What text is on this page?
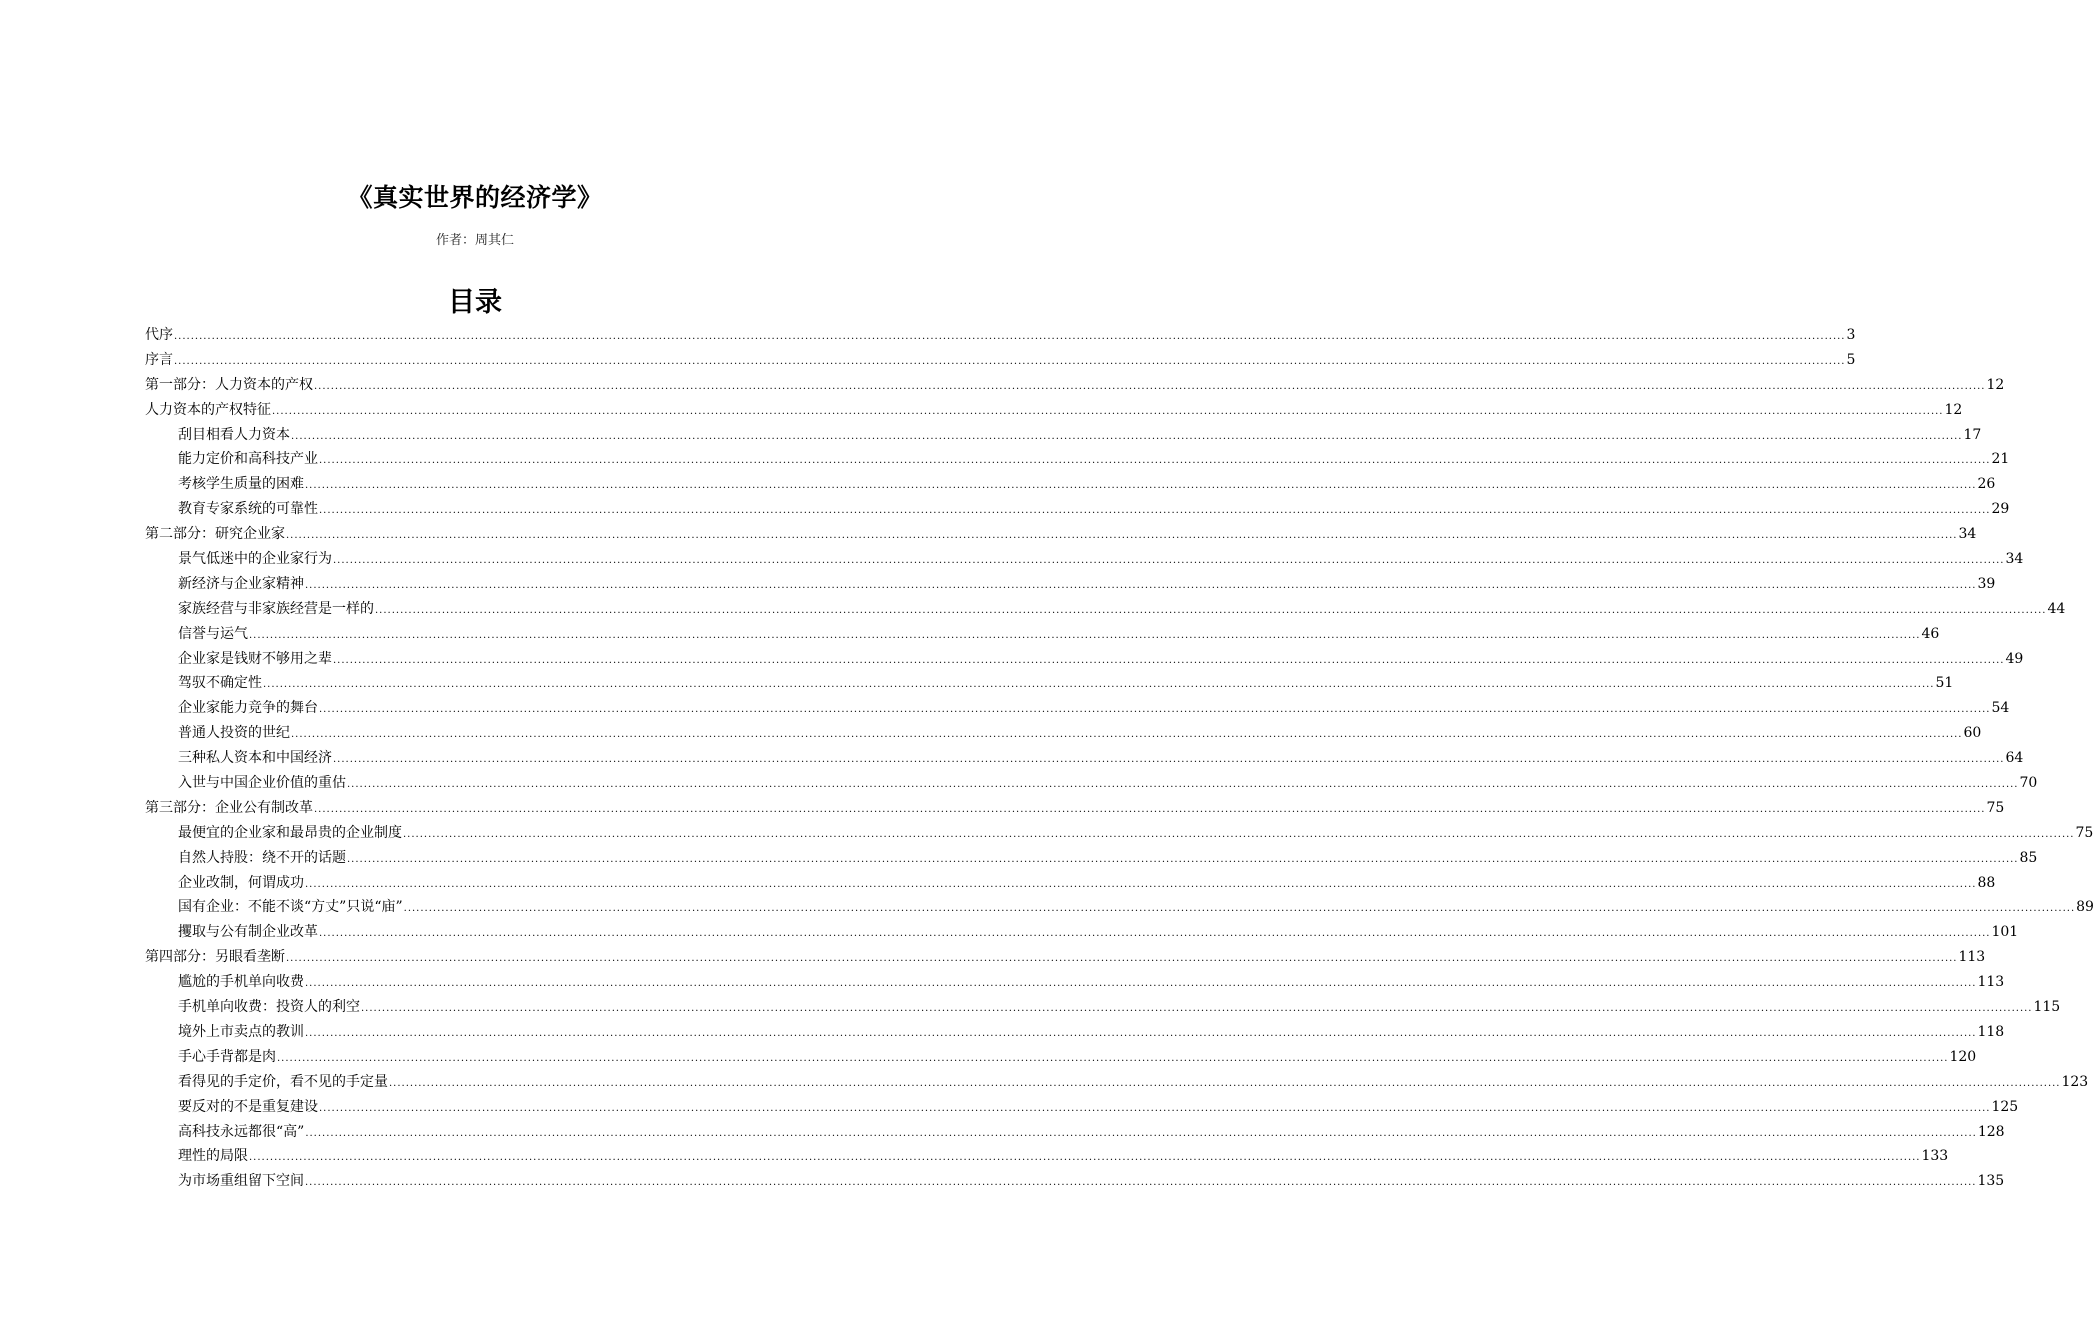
《真实世界的经济学》
作者：周其仁
目录
代序 ................................................................................................................................................................................................................................................................................................................................................................................................................ 3
序言 ................................................................................................................................................................................................................................................................................................................................................................................................................ 5
第一部分：人力资本的产权 ................................................................................................................................................................................................................................................................................................................................................................................................................ 12
人力资本的产权特征 ................................................................................................................................................................................................................................................................................................................................................................................................................ 12
刮目相看人力资本 ................................................................................................................................................................................................................................................................................................................................................................................................................ 17
能力定价和高科技产业 ................................................................................................................................................................................................................................................................................................................................................................................................................ 21
考核学生质量的困难 ................................................................................................................................................................................................................................................................................................................................................................................................................ 26
教育专家系统的可靠性 ................................................................................................................................................................................................................................................................................................................................................................................................................ 29
第二部分：研究企业家 ................................................................................................................................................................................................................................................................................................................................................................................................................ 34
景气低迷中的企业家行为 ................................................................................................................................................................................................................................................................................................................................................................................................................ 34
新经济与企业家精神 ................................................................................................................................................................................................................................................................................................................................................................................................................ 39
家族经营与非家族经营是一样的 ................................................................................................................................................................................................................................................................................................................................................................................................................ 44
信誉与运气 ................................................................................................................................................................................................................................................................................................................................................................................................................ 46
企业家是钱财不够用之辈 ................................................................................................................................................................................................................................................................................................................................................................................................................ 49
驾驭不确定性 ................................................................................................................................................................................................................................................................................................................................................................................................................ 51
企业家能力竞争的舞台 ................................................................................................................................................................................................................................................................................................................................................................................................................ 54
普通人投资的世纪 ................................................................................................................................................................................................................................................................................................................................................................................................................ 60
三种私人资本和中国经济 ................................................................................................................................................................................................................................................................................................................................................................................................................ 64
入世与中国企业价值的重估 ................................................................................................................................................................................................................................................................................................................................................................................................................ 70
第三部分：企业公有制改革 ................................................................................................................................................................................................................................................................................................................................................................................................................ 75
最便宜的企业家和最昂贵的企业制度 ................................................................................................................................................................................................................................................................................................................................................................................................................ 75
自然人持股：绕不开的话题 ................................................................................................................................................................................................................................................................................................................................................................................................................ 85
企业改制，何谓成功 ................................................................................................................................................................................................................................................................................................................................................................................................................ 88
国有企业：不能不谈“方丈”只说“庙” ................................................................................................................................................................................................................................................................................................................................................................................................................ 89
攫取与公有制企业改革 ................................................................................................................................................................................................................................................................................................................................................................................................................ 101
第四部分：另眼看垄断 ................................................................................................................................................................................................................................................................................................................................................................................................................ 113
尴尬的手机单向收费 ................................................................................................................................................................................................................................................................................................................................................................................................................ 113
手机单向收费：投资人的利空 ................................................................................................................................................................................................................................................................................................................................................................................................................ 115
境外上市卖点的教训 ................................................................................................................................................................................................................................................................................................................................................................................................................ 118
手心手背都是肉 ................................................................................................................................................................................................................................................................................................................................................................................................................ 120
看得见的手定价，看不见的手定量 ................................................................................................................................................................................................................................................................................................................................................................................................................ 123
要反对的不是重复建设 ................................................................................................................................................................................................................................................................................................................................................................................................................ 125
高科技永远都很“高” ................................................................................................................................................................................................................................................................................................................................................................................................................ 128
理性的局限 ................................................................................................................................................................................................................................................................................................................................................................................................................ 133
为市场重组留下空间 ................................................................................................................................................................................................................................................................................................................................................................................................................ 135
